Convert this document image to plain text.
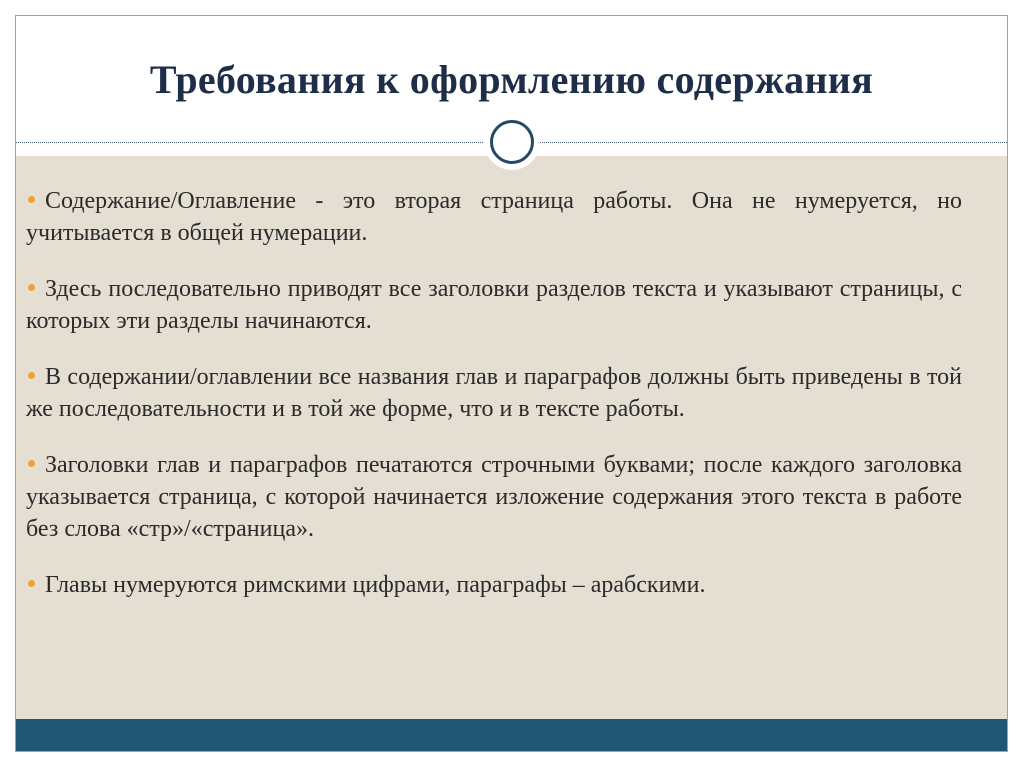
Требования к оформлению содержания
Содержание/Оглавление - это вторая страница работы. Она не нумеруется, но учитывается в общей нумерации.
Здесь последовательно приводят все заголовки разделов текста и указывают страницы, с которых эти разделы начинаются.
В содержании/оглавлении все названия глав и параграфов должны быть приведены в той же последовательности и в той же форме, что и в тексте работы.
Заголовки глав и параграфов печатаются строчными буквами; после каждого заголовка указывается страница, с которой начинается изложение содержания этого текста в работе без слова «стр»/«страница».
Главы нумеруются римскими цифрами, параграфы – арабскими.
